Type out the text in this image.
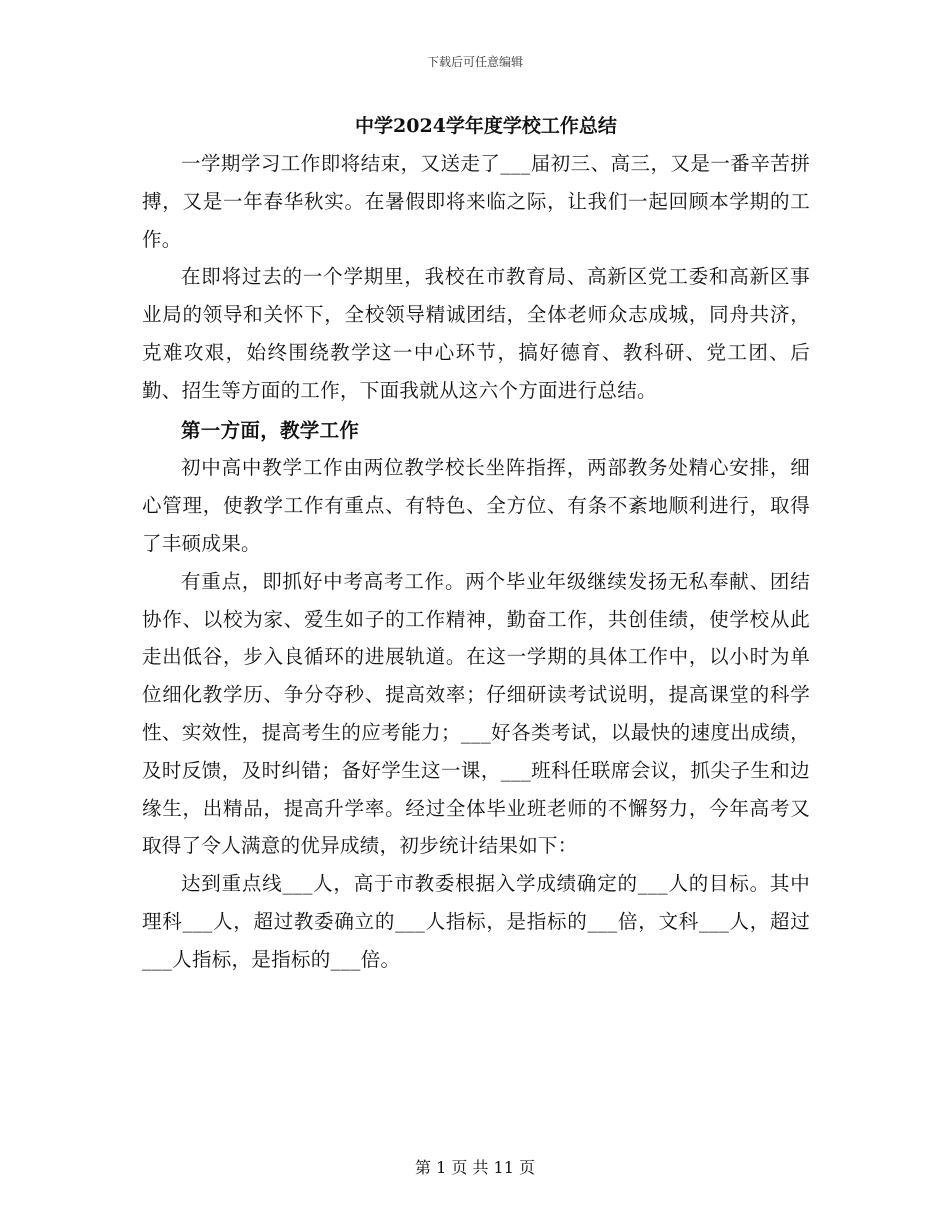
下载后可任意编辑
中学2024学年度学校工作总结

一学期学习工作即将结束，又送走了___届初三、高三，又是一番辛苦拼搏，又是一年春华秋实。在暑假即将来临之际，让我们一起回顾本学期的工作。

在即将过去的一个学期里，我校在市教育局、高新区党工委和高新区事业局的领导和关怀下，全校领导精诚团结，全体老师众志成城，同舟共济，克难攻艰，始终围绕教学这一中心环节，搞好德育、教科研、党工团、后勤、招生等方面的工作，下面我就从这六个方面进行总结。

第一方面，教学工作

初中高中教学工作由两位教学校长坐阵指挥，两部教务处精心安排，细心管理，使教学工作有重点、有特色、全方位、有条不紊地顺利进行，取得了丰硕成果。

有重点，即抓好中考高考工作。两个毕业年级继续发扬无私奉献、团结协作、以校为家、爱生如子的工作精神，勤奋工作，共创佳绩，使学校从此走出低谷，步入良循环的进展轨道。在这一学期的具体工作中，以小时为单位细化教学历、争分夺秒、提高效率；仔细研读考试说明，提高课堂的科学性、实效性，提高考生的应考能力；___好各类考试，以最快的速度出成绩，及时反馈，及时纠错；备好学生这一课，___班科任联席会议，抓尖子生和边缘生，出精品，提高升学率。经过全体毕业班老师的不懈努力，今年高考又取得了令人满意的优异成绩，初步统计结果如下：

达到重点线___人，高于市教委根据入学成绩确定的___人的目标。其中理科___人，超过教委确立的___人指标，是指标的___倍，文科___人，超过___人指标，是指标的___倍。

第 1 页 共 11 页
